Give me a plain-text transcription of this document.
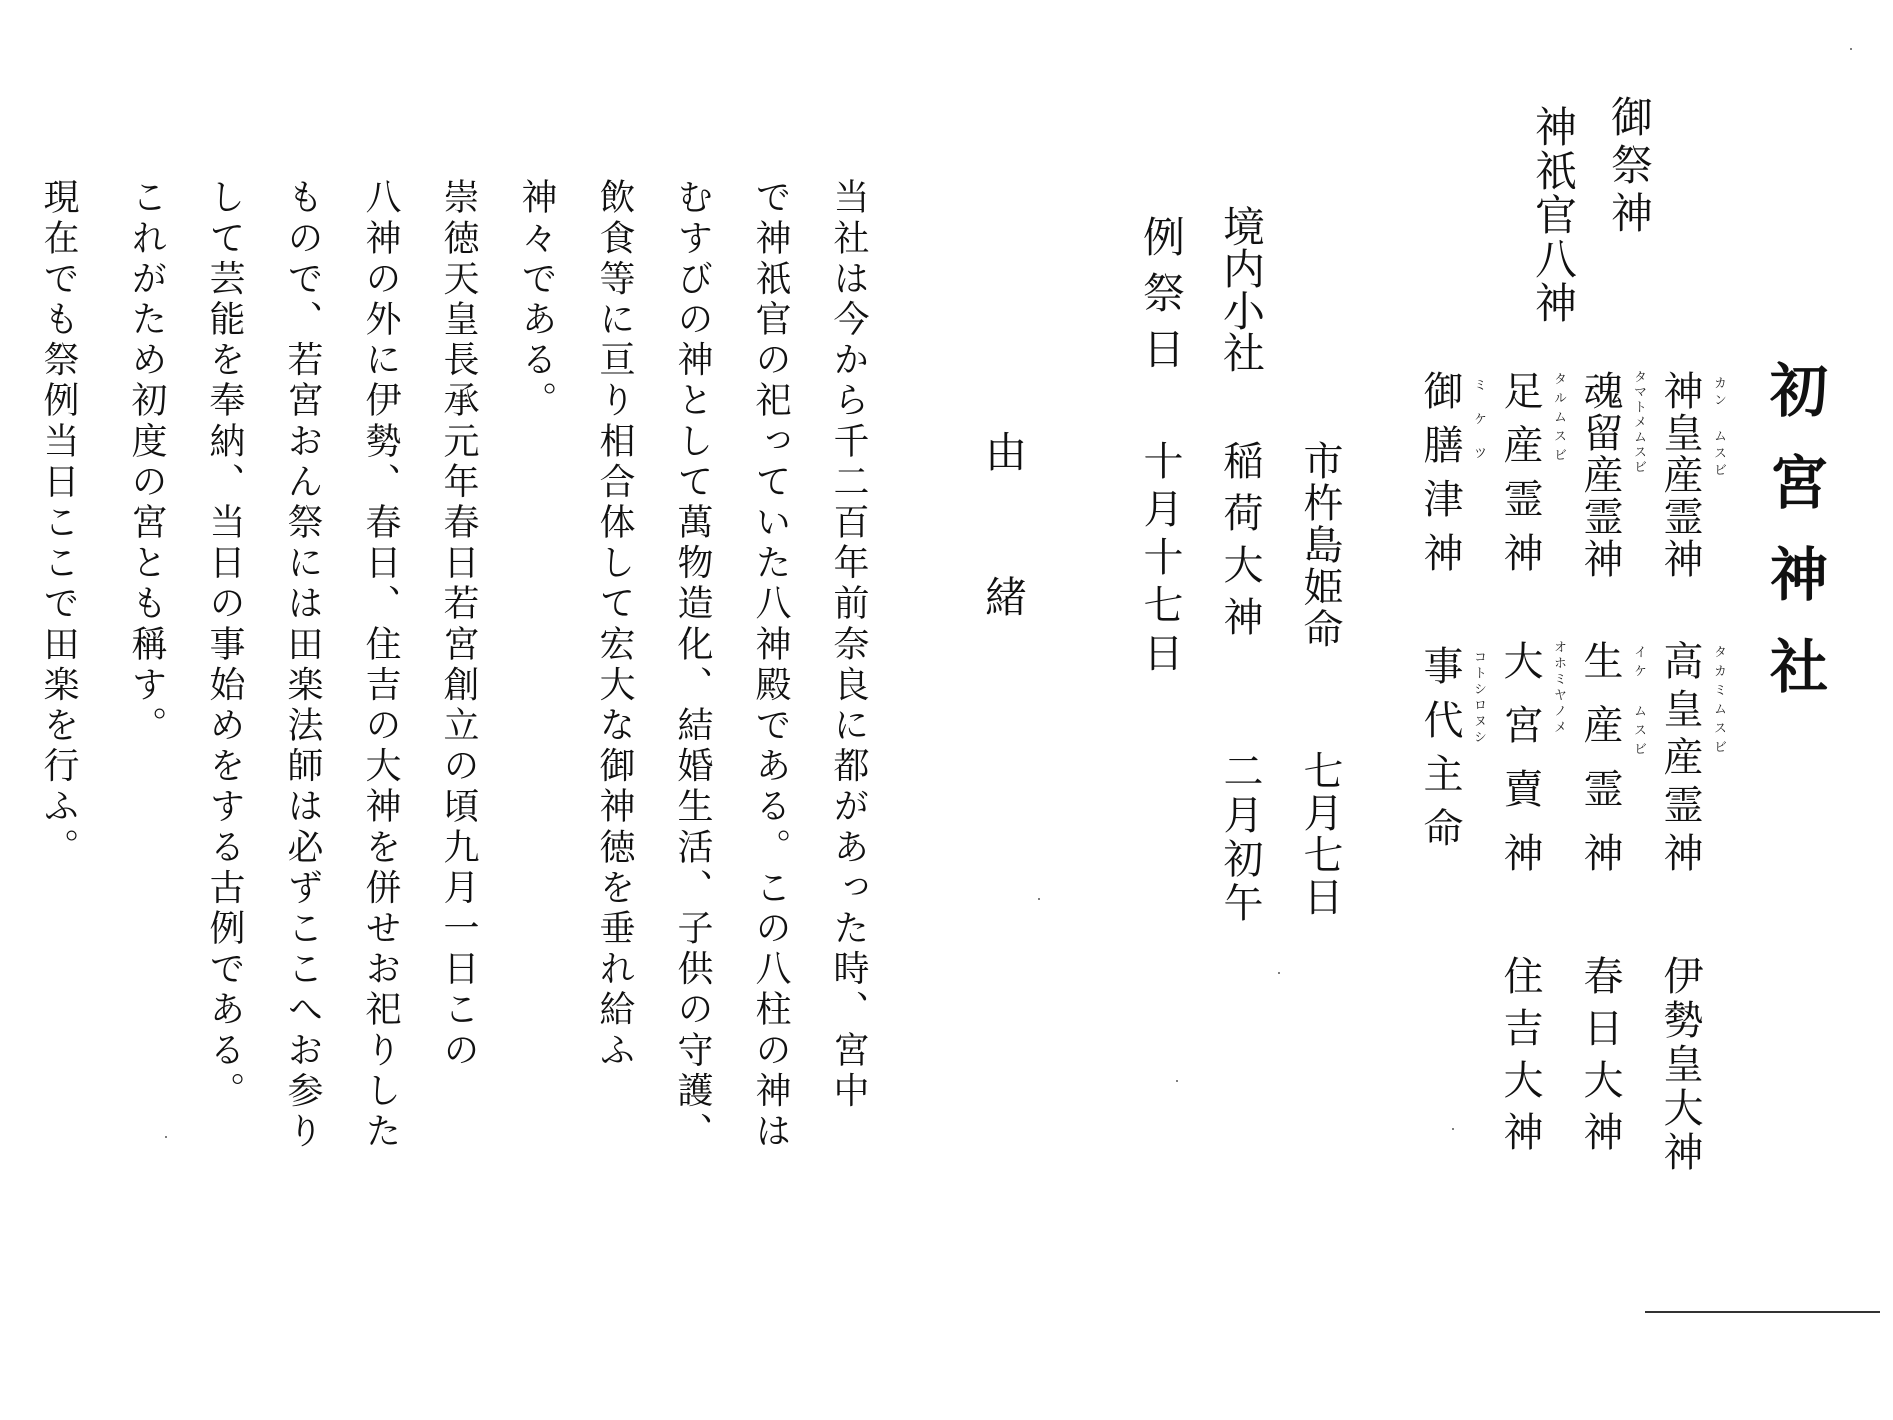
初宮神社
御祭神
神祇官八神
神皇産霊神 カン ムスビ
高皇産霊神 タカミムスビ
魂留産霊神 タマトメムスビ
生産霊神 イケ ムスビ
足産霊神 タルムスビ
大宮賣神 オホミヤノメ
御膳津神 ミ ケ ツ
事代主命 コトシロヌシ
伊勢皇大神
春日大神
住吉大神
境内小社
市杵島姫命
七月七日
稲荷大神
二月初午
例祭日
十月十七日
由
緒
当社は今から千二百年前奈良に都があった時、宮中
で神祇官の祀っていた八神殿である。この八柱の神は
むすびの神として萬物造化、結婚生活、子供の守護、
飲食等に亘り相合体して宏大な御神徳を垂れ給ふ
神々である。
崇徳天皇長承元年春日若宮創立の頃九月一日この
八神の外に伊勢、春日、住吉の大神を併せお祀りした
もので、若宮おん祭には田楽法師は必ずここへお参り
して芸能を奉納、当日の事始めをする古例である。
これがため初度の宮とも稱す。
現在でも祭例当日ここで田楽を行ふ。
